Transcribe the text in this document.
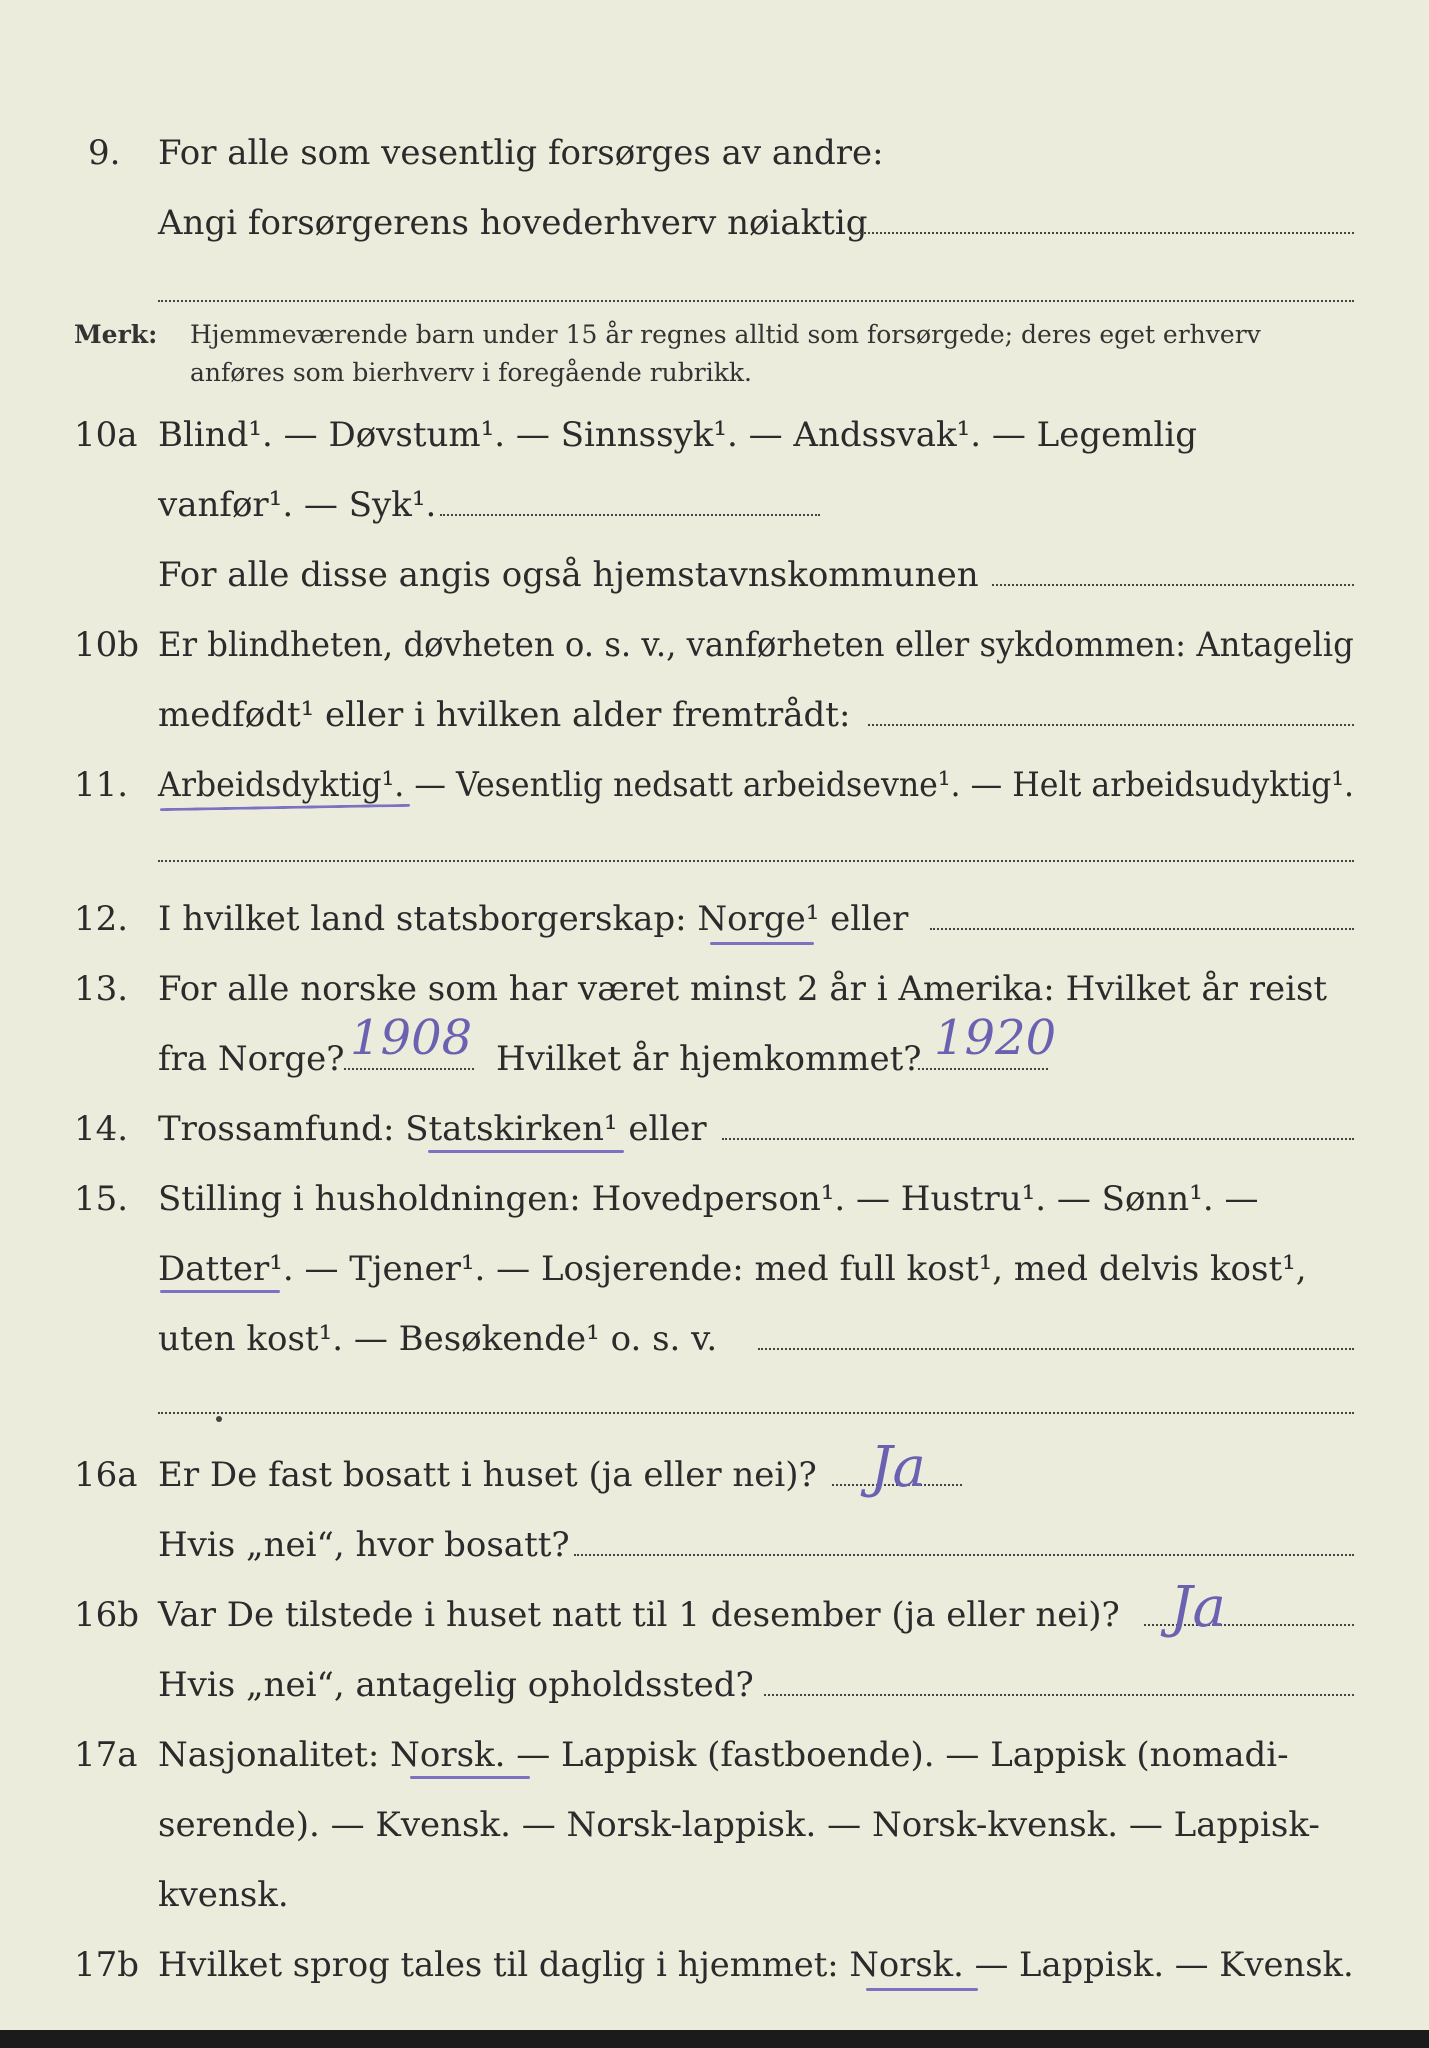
9. For alle som vesentlig forsørges av andre:
Angi forsørgerens hovederhverv nøiaktig
Merk: Hjemmeværende barn under 15 år regnes alltid som forsørgede; deres eget erhverv
anføres som bierhverv i foregående rubrikk.
10a Blind¹. — Døvstum¹. — Sinnssyk¹. — Andssvak¹. — Legemlig
vanfør¹. — Syk¹.
For alle disse angis også hjemstavnskommunen
10b Er blindheten, døvheten o. s. v., vanførheten eller sykdommen: Antagelig
medfødt¹ eller i hvilken alder fremtrådt:
11. Arbeidsdyktig¹. — Vesentlig nedsatt arbeidsevne¹. — Helt arbeidsudyktig¹.
12. I hvilket land statsborgerskap: Norge¹ eller
13. For alle norske som har været minst 2 år i Amerika: Hvilket år reist
fra Norge? 1908 Hvilket år hjemkommet? 1920
14. Trossamfund: Statskirken¹ eller
15. Stilling i husholdningen: Hovedperson¹. — Hustru¹. — Sønn¹. —
Datter¹. — Tjener¹. — Losjerende: med full kost¹, med delvis kost¹,
uten kost¹. — Besøkende¹ o. s. v.
16a Er De fast bosatt i huset (ja eller nei)? Ja
Hvis „nei“, hvor bosatt?
16b Var De tilstede i huset natt til 1 desember (ja eller nei)? Ja
Hvis „nei“, antagelig opholdssted?
17a Nasjonalitet: Norsk. — Lappisk (fastboende). — Lappisk (nomadi-
serende). — Kvensk. — Norsk-lappisk. — Norsk-kvensk. — Lappisk-
kvensk.
17b Hvilket sprog tales til daglig i hjemmet: Norsk. — Lappisk. — Kvensk.
